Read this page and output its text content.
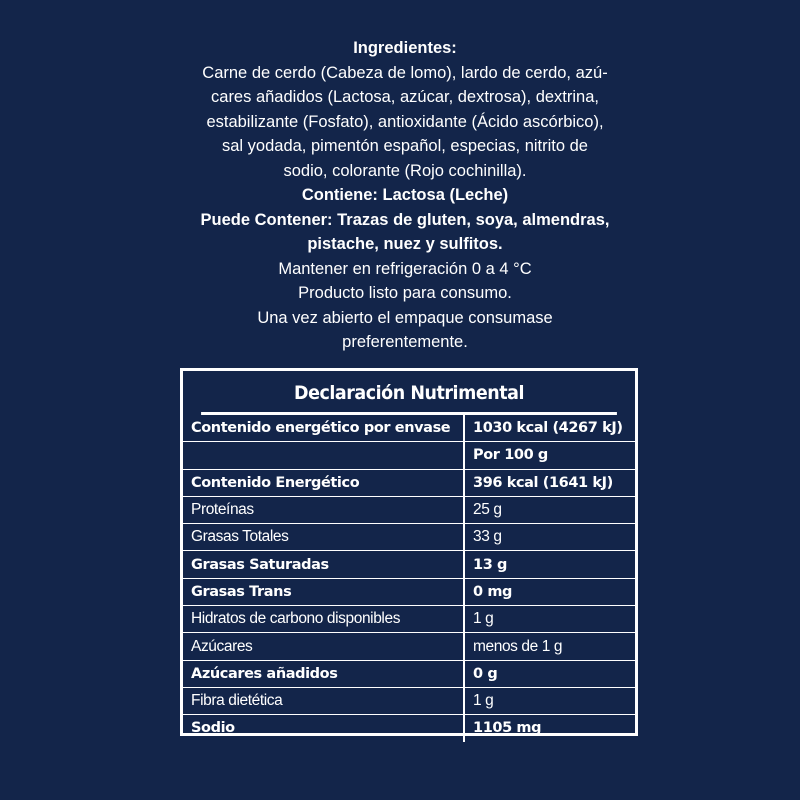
Ingredientes:
Carne de cerdo (Cabeza de lomo), lardo de cerdo, azú-
cares añadidos (Lactosa, azúcar, dextrosa), dextrina,
estabilizante (Fosfato), antioxidante (Ácido ascórbico),
sal yodada, pimentón español, especias, nitrito de
sodio, colorante (Rojo cochinilla).
Contiene: Lactosa (Leche)
Puede Contener: Trazas de gluten, soya, almendras,
pistache, nuez y sulfitos.
Mantener en refrigeración 0 a 4 °C
Producto listo para consumo.
Una vez abierto el empaque consumase
preferentemente.
Declaración Nutrimental
Contenido energético por envase	1030 kcal (4267 kJ)
	Por 100 g
Contenido Energético	396 kcal (1641 kJ)
Proteínas	25 g
Grasas Totales	33 g
Grasas Saturadas	13 g
Grasas Trans	0 mg
Hidratos de carbono disponibles	1 g
Azúcares	menos de 1 g
Azúcares añadidos	0 g
Fibra dietética	1 g
Sodio	1105 mg
